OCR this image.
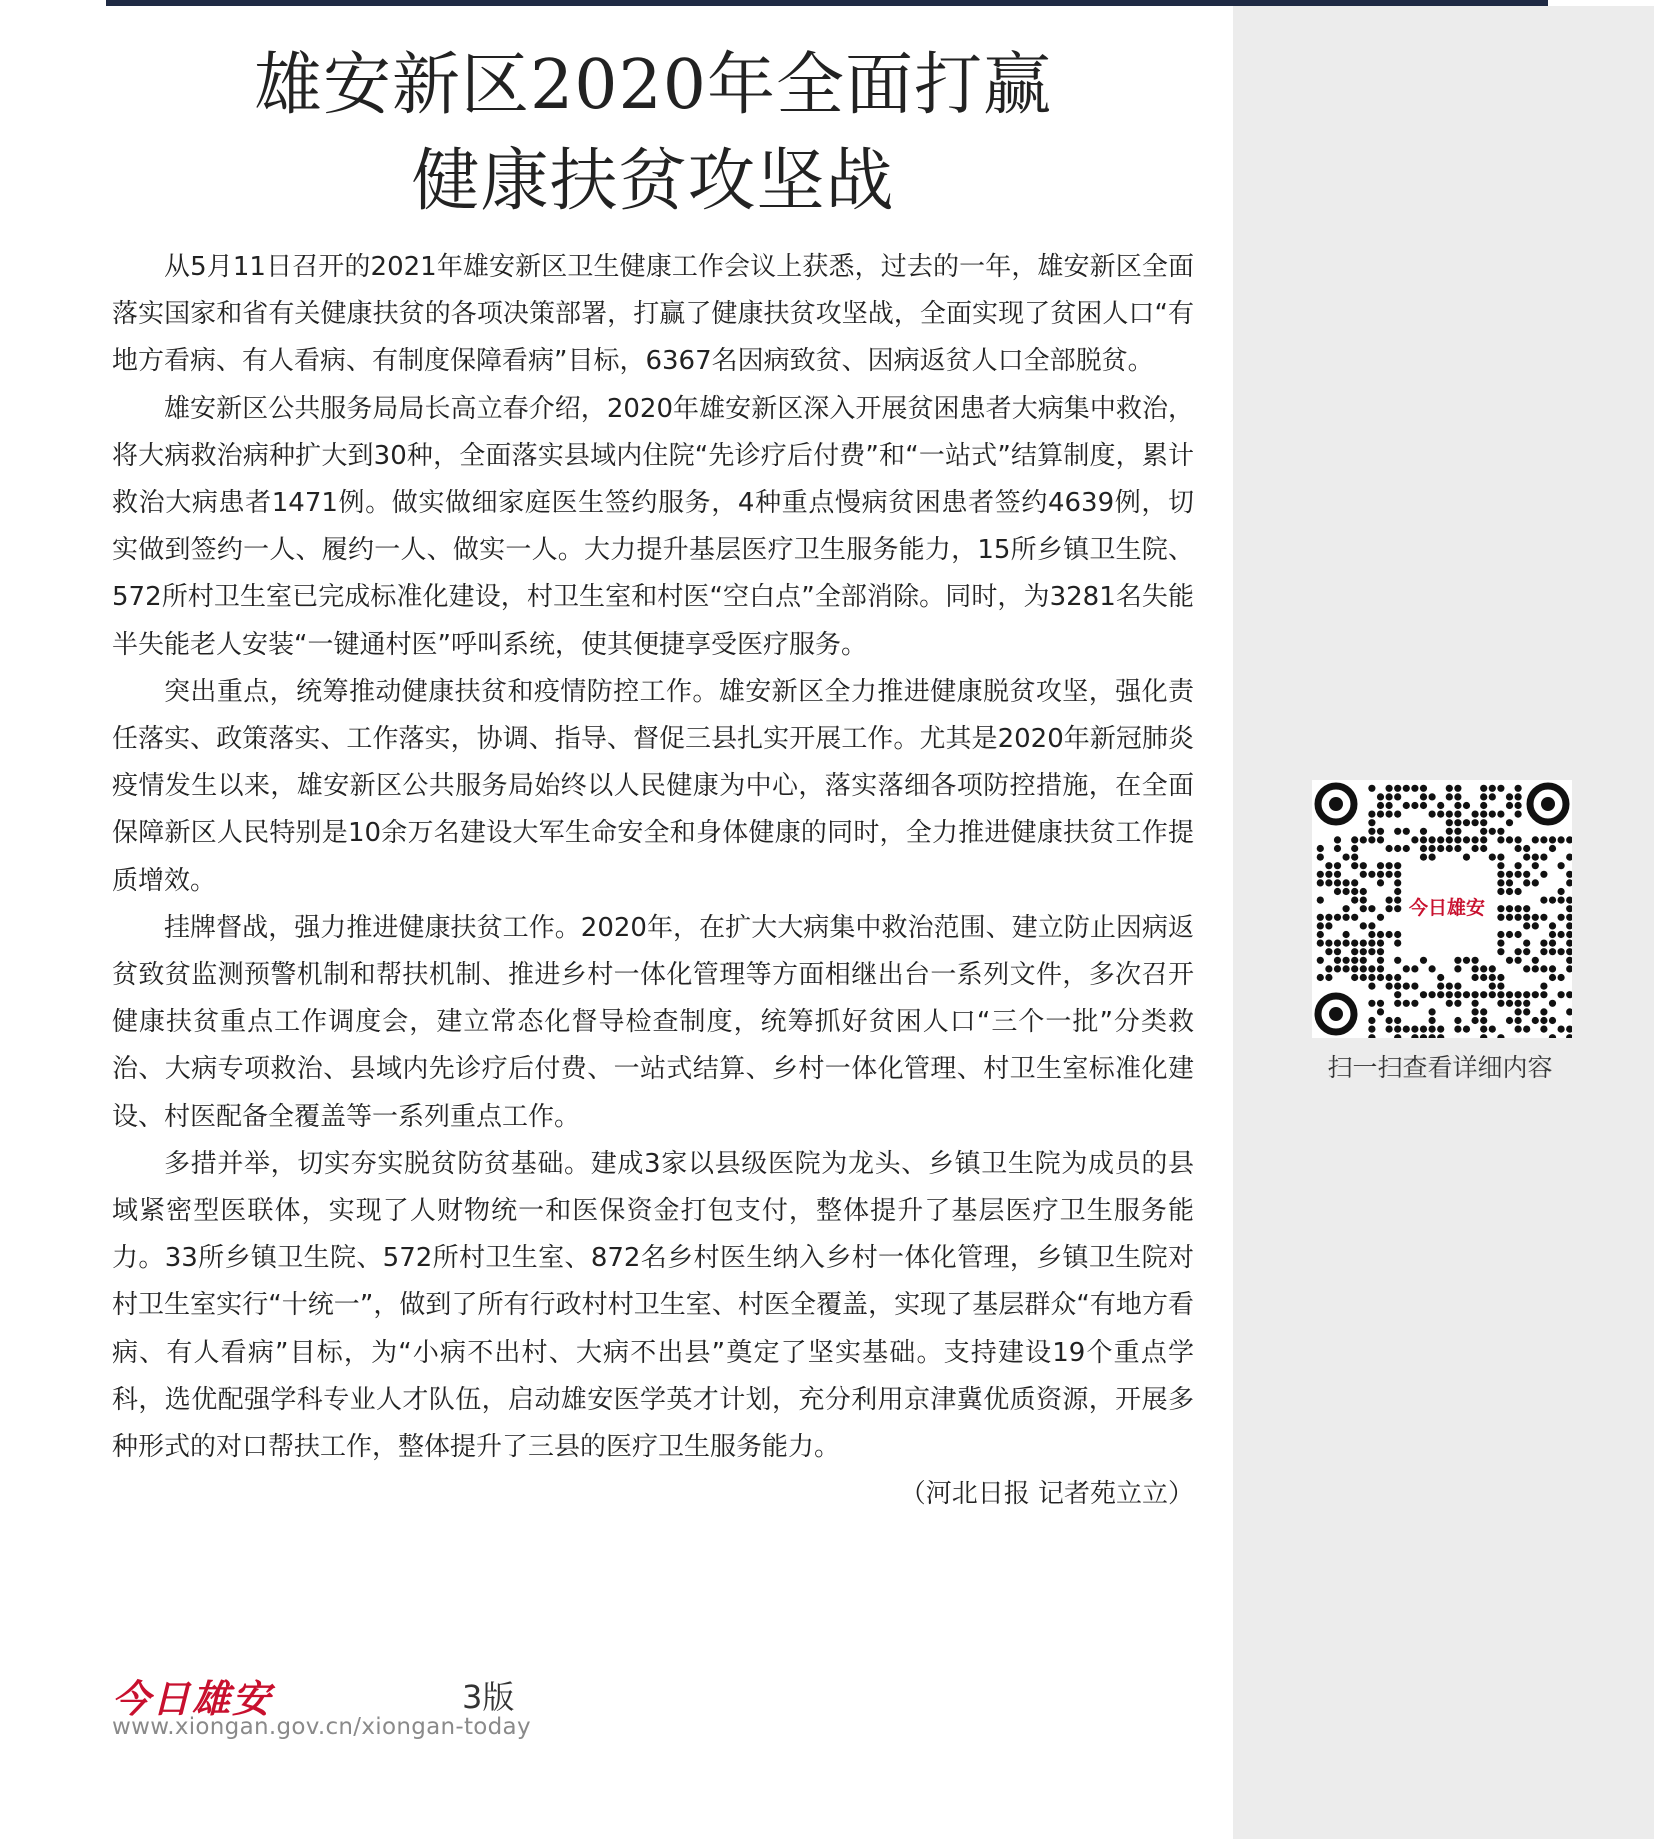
雄安新区2020年全面打赢
健康扶贫攻坚战

从5月11日召开的2021年雄安新区卫生健康工作会议上获悉，过去的一年，雄安新区全面落实国家和省有关健康扶贫的各项决策部署，打赢了健康扶贫攻坚战，全面实现了贫困人口“有地方看病、有人看病、有制度保障看病”目标，6367名因病致贫、因病返贫人口全部脱贫。

雄安新区公共服务局局长高立春介绍，2020年雄安新区深入开展贫困患者大病集中救治，将大病救治病种扩大到30种，全面落实县域内住院“先诊疗后付费”和“一站式”结算制度，累计救治大病患者1471例。做实做细家庭医生签约服务，4种重点慢病贫困患者签约4639例，切实做到签约一人、履约一人、做实一人。大力提升基层医疗卫生服务能力，15所乡镇卫生院、572所村卫生室已完成标准化建设，村卫生室和村医“空白点”全部消除。同时，为3281名失能半失能老人安装“一键通村医”呼叫系统，使其便捷享受医疗服务。

突出重点，统筹推动健康扶贫和疫情防控工作。雄安新区全力推进健康脱贫攻坚，强化责任落实、政策落实、工作落实，协调、指导、督促三县扎实开展工作。尤其是2020年新冠肺炎疫情发生以来，雄安新区公共服务局始终以人民健康为中心，落实落细各项防控措施，在全面保障新区人民特别是10余万名建设大军生命安全和身体健康的同时，全力推进健康扶贫工作提质增效。

挂牌督战，强力推进健康扶贫工作。2020年，在扩大大病集中救治范围、建立防止因病返贫致贫监测预警机制和帮扶机制、推进乡村一体化管理等方面相继出台一系列文件，多次召开健康扶贫重点工作调度会，建立常态化督导检查制度，统筹抓好贫困人口“三个一批”分类救治、大病专项救治、县域内先诊疗后付费、一站式结算、乡村一体化管理、村卫生室标准化建设、村医配备全覆盖等一系列重点工作。

多措并举，切实夯实脱贫防贫基础。建成3家以县级医院为龙头、乡镇卫生院为成员的县域紧密型医联体，实现了人财物统一和医保资金打包支付，整体提升了基层医疗卫生服务能力。33所乡镇卫生院、572所村卫生室、872名乡村医生纳入乡村一体化管理，乡镇卫生院对村卫生室实行“十统一”，做到了所有行政村村卫生室、村医全覆盖，实现了基层群众“有地方看病、有人看病”目标，为“小病不出村、大病不出县”奠定了坚实基础。支持建设19个重点学科，选优配强学科专业人才队伍，启动雄安医学英才计划，充分利用京津冀优质资源，开展多种形式的对口帮扶工作，整体提升了三县的医疗卫生服务能力。

（河北日报 记者苑立立）

今日雄安
扫一扫查看详细内容
今日雄安	3版
www.xiongan.gov.cn/xiongan-today
